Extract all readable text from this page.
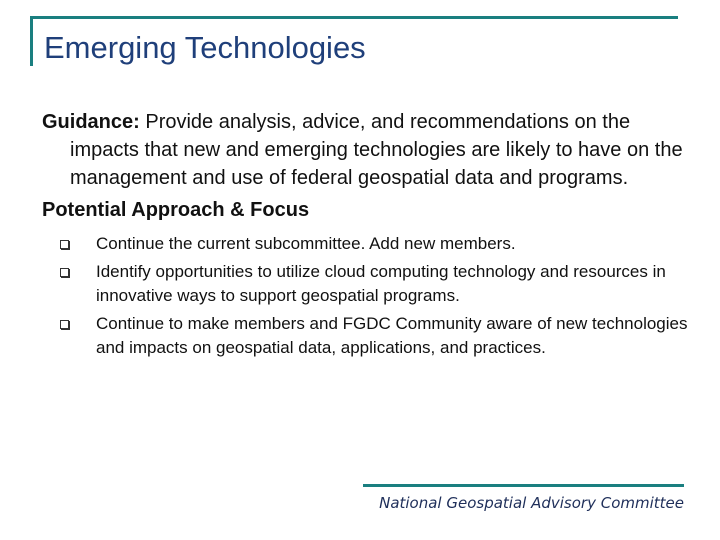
Emerging Technologies

Guidance: Provide analysis, advice, and recommendations on the impacts that new and emerging technologies are likely to have on the management and use of federal geospatial data and programs.

Potential Approach & Focus

Continue the current subcommittee. Add new members.
Identify opportunities to utilize cloud computing technology and resources in innovative ways to support geospatial programs.
Continue to make members and FGDC Community aware of new technologies and impacts on geospatial data, applications, and practices.
National Geospatial Advisory Committee
